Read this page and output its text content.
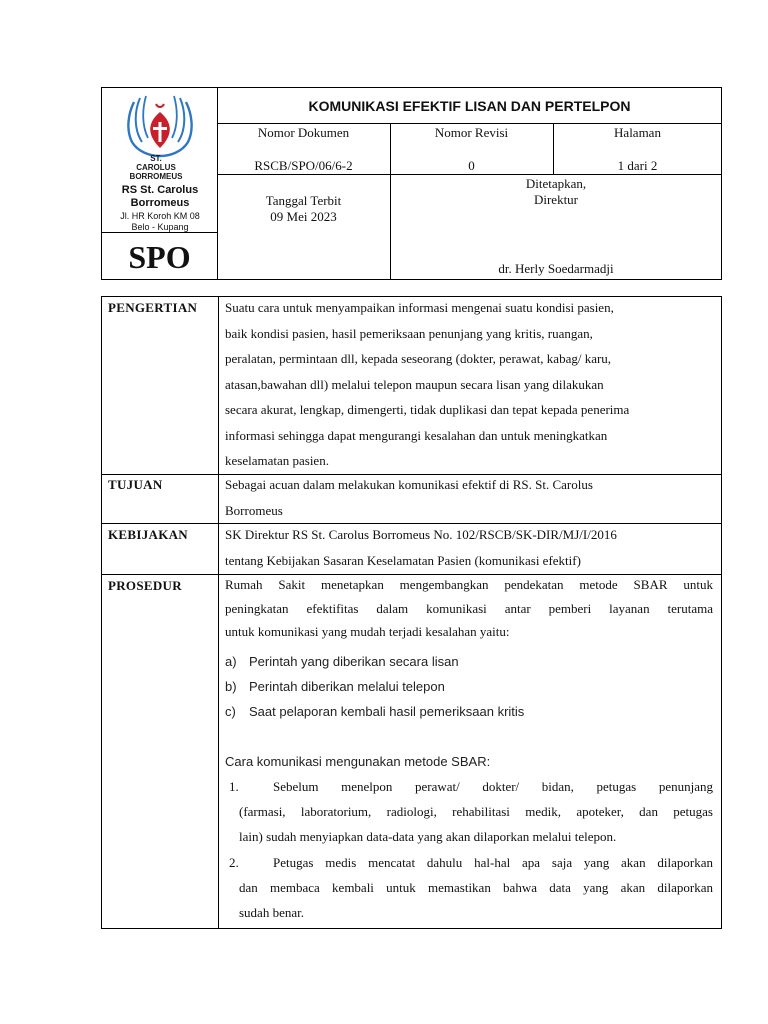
ST. CAROLUS BORROMEUS
RS St. Carolus Borromeus
Jl. HR Koroh KM 08
Belo - Kupang
SPO
KOMUNIKASI EFEKTIF LISAN DAN PERTELPON
Nomor Dokumen
RSCB/SPO/06/6-2
Nomor Revisi
0
Halaman
1 dari 2
Tanggal Terbit
09 Mei 2023
Ditetapkan,
Direktur
dr. Herly Soedarmadji
PENGERTIAN Suatu cara untuk menyampaikan informasi mengenai suatu kondisi pasien,
baik kondisi pasien, hasil pemeriksaan penunjang yang kritis, ruangan,
peralatan, permintaan dll, kepada seseorang (dokter, perawat, kabag/ karu,
atasan,bawahan dll) melalui telepon maupun secara lisan yang dilakukan
secara akurat, lengkap, dimengerti, tidak duplikasi dan tepat kepada penerima
informasi sehingga dapat mengurangi kesalahan dan untuk meningkatkan
keselamatan pasien.
TUJUAN	Sebagai acuan dalam melakukan komunikasi efektif di RS. St. Carolus
Borromeus
KEBIJAKAN	SK Direktur RS St. Carolus Borromeus No. 102/RSCB/SK-DIR/MJ/I/2016
tentang Kebijakan Sasaran Keselamatan Pasien (komunikasi efektif)
PROSEDUR	Rumah Sakit menetapkan mengembangkan pendekatan metode SBAR untuk
peningkatan efektifitas dalam komunikasi antar pemberi layanan terutama
untuk komunikasi yang mudah terjadi kesalahan yaitu:
a) Perintah yang diberikan secara lisan
b) Perintah diberikan melalui telepon
c)	Saat pelaporan kembali hasil pemeriksaan kritis
Cara komunikasi mengunakan metode SBAR:
1.	Sebelum menelpon perawat/ dokter/ bidan, petugas penunjang
(farmasi, laboratorium, radiologi, rehabilitasi medik, apoteker, dan petugas
lain) sudah menyiapkan data-data yang akan dilaporkan melalui telepon.
2.	Petugas medis mencatat dahulu hal-hal apa saja yang akan dilaporkan
dan membaca kembali untuk memastikan bahwa data yang akan dilaporkan
sudah benar.
